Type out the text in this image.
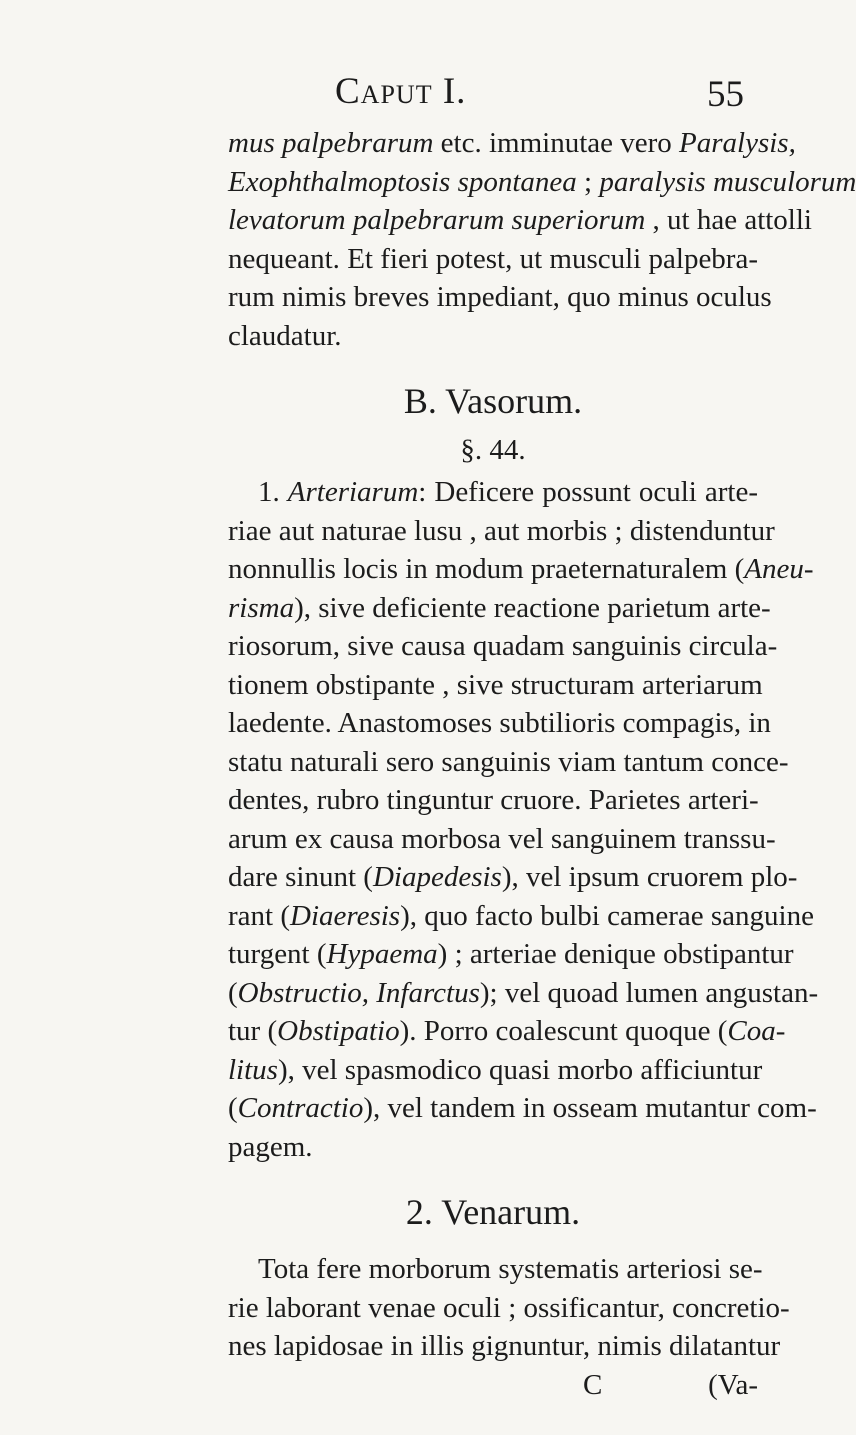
Caput I.	55
mus palpebrarum etc. imminutae vero Paralysis,
Exophthalmoptosis spontanea ; paralysis musculorum
levatorum palpebrarum superiorum , ut hae attolli
nequeant. Et fieri potest, ut musculi palpebra-
rum nimis breves impediant, quo minus oculus
claudatur.
B. Vasorum.
§. 44.
1. Arteriarum: Deficere possunt oculi arte-
riae aut naturae lusu , aut morbis ; distenduntur
nonnullis locis in modum praeternaturalem (Aneu-
risma), sive deficiente reactione parietum arte-
riosorum, sive causa quadam sanguinis circula-
tionem obstipante , sive structuram arteriarum
laedente. Anastomoses subtilioris compagis, in
statu naturali sero sanguinis viam tantum conce-
dentes, rubro tinguntur cruore. Parietes arteri-
arum ex causa morbosa vel sanguinem transsu-
dare sinunt (Diapedesis), vel ipsum cruorem plo-
rant (Diaeresis), quo facto bulbi camerae sanguine
turgent (Hypaema) ; arteriae denique obstipantur
(Obstructio, Infarctus); vel quoad lumen angustan-
tur (Obstipatio). Porro coalescunt quoque (Coa-
litus), vel spasmodico quasi morbo afficiuntur
(Contractio), vel tandem in osseam mutantur com-
pagem.
2. Venarum.
Tota fere morborum systematis arteriosi se-
rie laborant venae oculi ; ossificantur, concretio-
nes lapidosae in illis gignuntur, nimis dilatantur
C	(Va-
